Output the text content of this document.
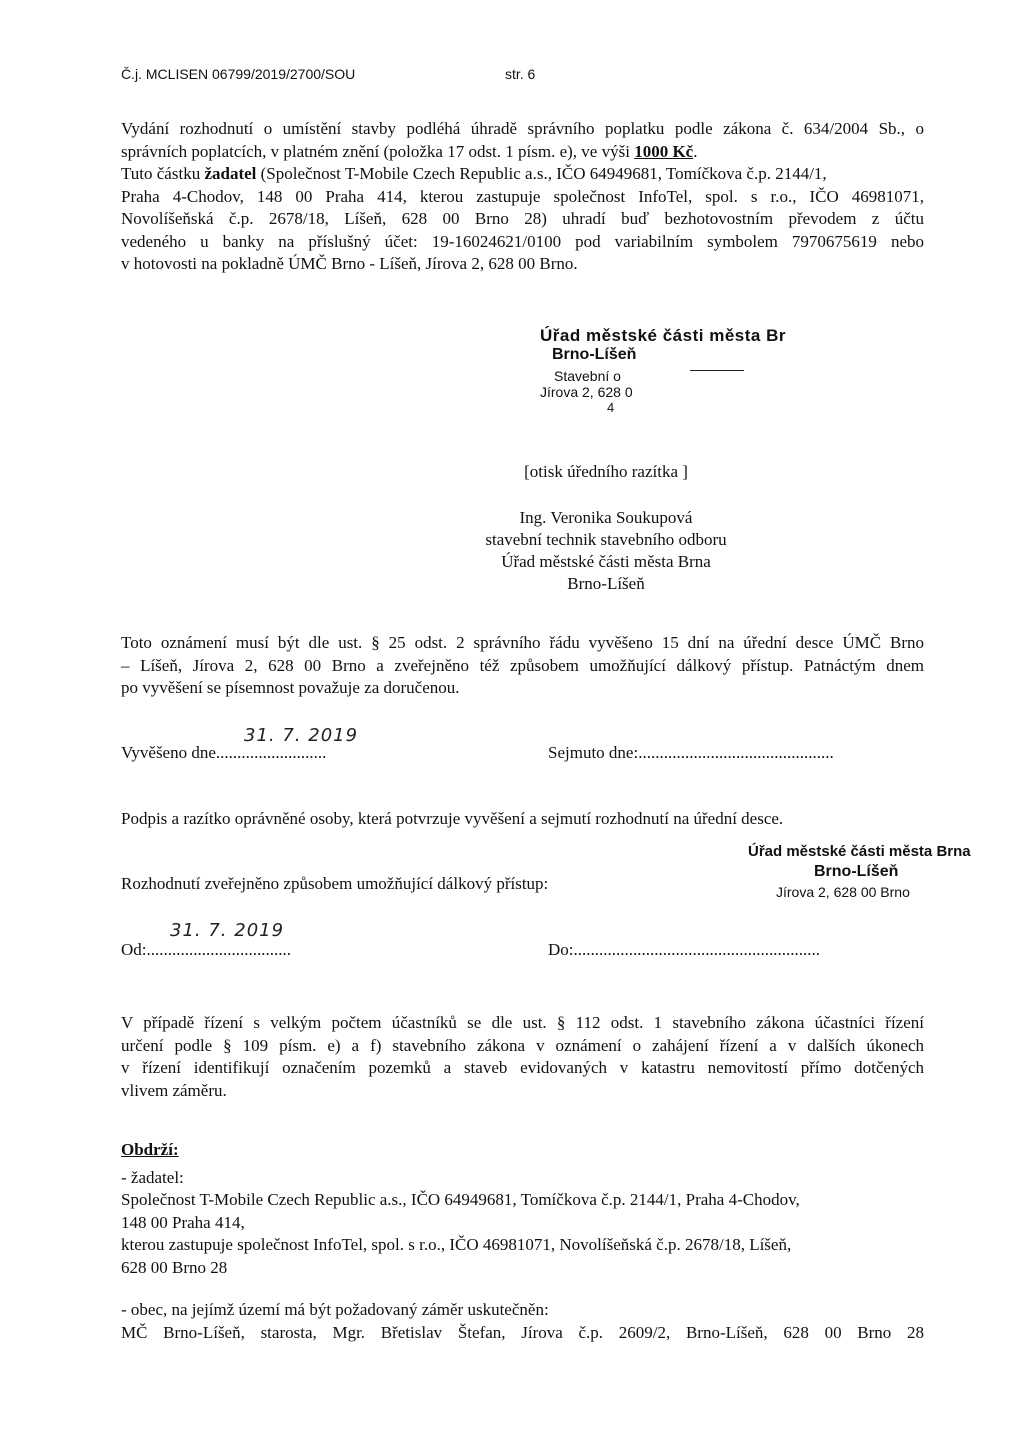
Č.j. MCLISEN 06799/2019/2700/SOU	str. 6
Vydání rozhodnutí o umístění stavby podléhá úhradě správního poplatku podle zákona č. 634/2004 Sb., o
správních poplatcích, v platném znění (položka 17 odst. 1 písm. e), ve výši 1000 Kč.
Tuto částku žadatel (Společnost T-Mobile Czech Republic a.s., IČO 64949681, Tomíčkova č.p. 2144/1,
Praha 4-Chodov, 148 00 Praha 414, kterou zastupuje společnost InfoTel, spol. s r.o., IČO 46981071,
Novolíšeňská č.p. 2678/18, Líšeň, 628 00 Brno 28) uhradí buď bezhotovostním převodem z účtu
vedeného u banky na příslušný účet: 19-16024621/0100 pod variabilním symbolem 7970675619 nebo
v hotovosti na pokladně ÚMČ Brno - Líšeň, Jírova 2, 628 00 Brno.
Úřad městské části města Br
Brno-Líšeň
Stavební o
Jírova 2, 628 0
4
[otisk úředního razítka ]
Ing. Veronika Soukupová
stavební technik stavebního odboru
Úřad městské části města Brna
Brno-Líšeň
Toto oznámení musí být dle ust. § 25 odst. 2 správního řádu vyvěšeno 15 dní na úřední desce ÚMČ Brno
– Líšeň, Jírova 2, 628 00 Brno a zveřejněno též způsobem umožňující dálkový přístup. Patnáctým dnem
po vyvěšení se písemnost považuje za doručenou.
Vyvěšeno dne..........................
31. 7. 2019
Sejmuto dne:..............................................
Podpis a razítko oprávněné osoby, která potvrzuje vyvěšení a sejmutí rozhodnutí na úřední desce.
Rozhodnutí zveřejněno způsobem umožňující dálkový přístup:
Úřad městské části města Brna
Brno-Líšeň
Jírova 2, 628 00 Brno
Od:..................................
31. 7. 2019
Do:..........................................................
V případě řízení s velkým počtem účastníků se dle ust. § 112 odst. 1 stavebního zákona účastníci řízení
určení podle § 109 písm. e) a f) stavebního zákona v oznámení o zahájení řízení a v dalších úkonech
v řízení identifikují označením pozemků a staveb evidovaných v katastru nemovitostí přímo dotčených
vlivem záměru.
Obdrží:
- žadatel:
Společnost T-Mobile Czech Republic a.s., IČO 64949681, Tomíčkova č.p. 2144/1, Praha 4-Chodov,
148 00 Praha 414,
kterou zastupuje společnost InfoTel, spol. s r.o., IČO 46981071, Novolíšeňská č.p. 2678/18, Líšeň,
628 00 Brno 28
- obec, na jejímž území má být požadovaný záměr uskutečněn:
MČ Brno-Líšeň, starosta, Mgr. Břetislav Štefan, Jírova č.p. 2609/2, Brno-Líšeň, 628 00 Brno 28
